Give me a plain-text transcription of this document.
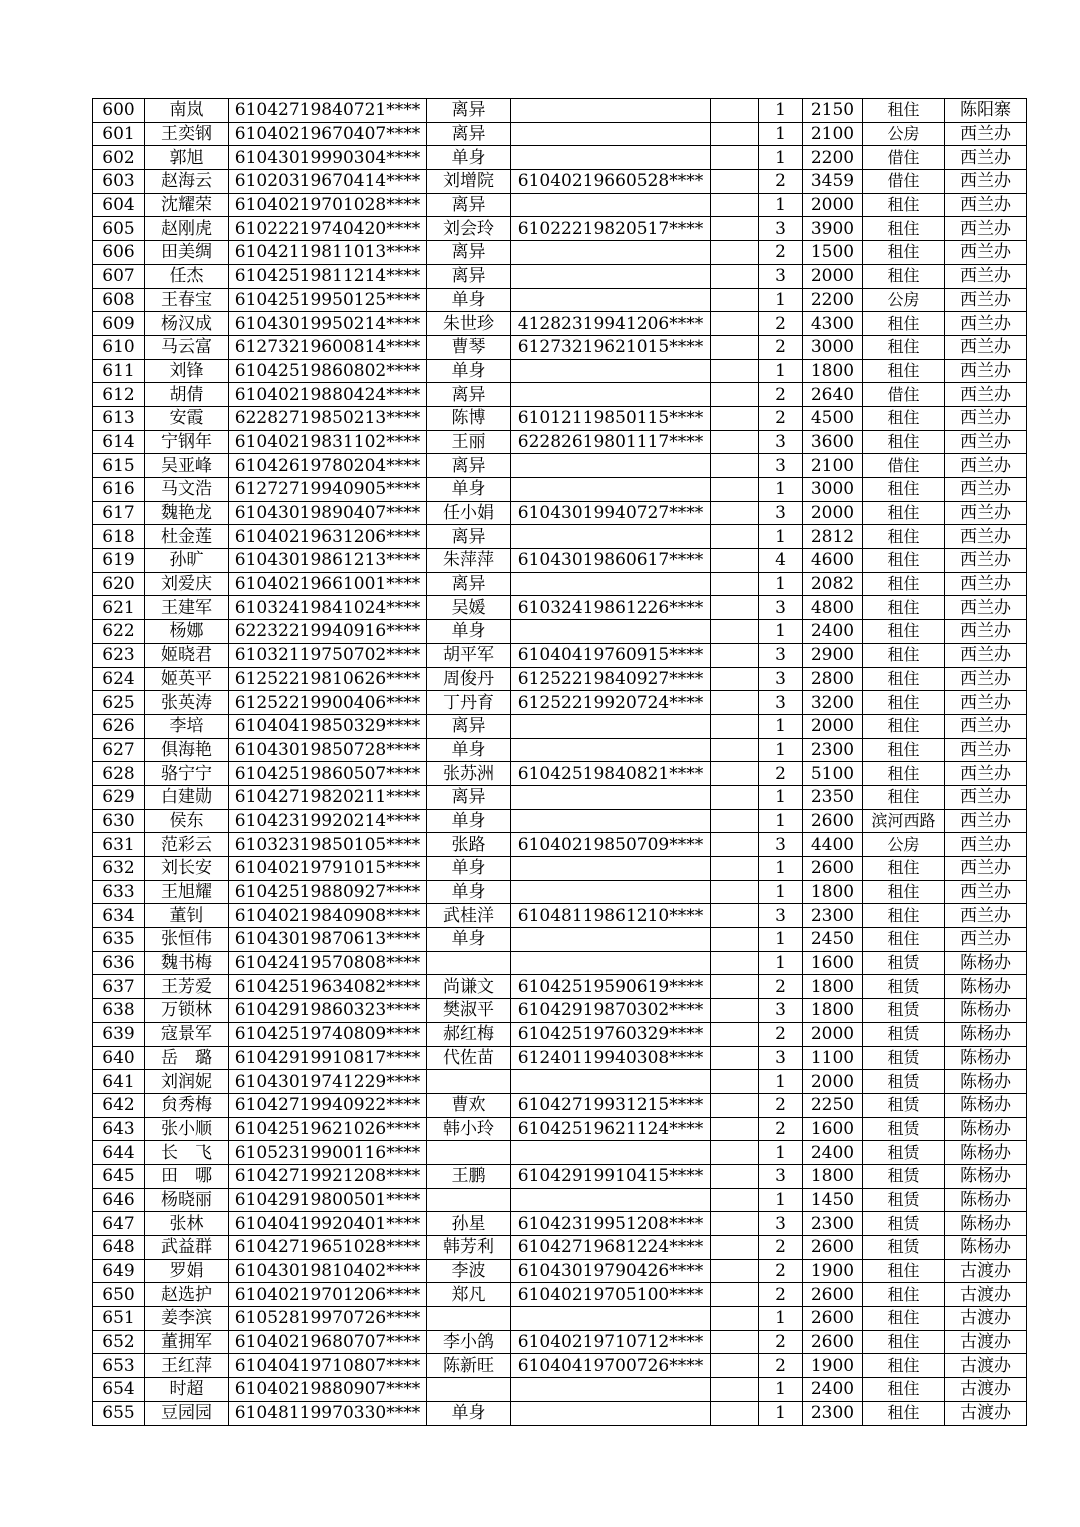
600	南岚	61042719840721****	离异			1	2150	租住	陈阳寨
601	王奕钢	61040219670407****	离异			1	2100	公房	西兰办
602	郭旭	61043019990304****	单身			1	2200	借住	西兰办
603	赵海云	61020319670414****	刘增院	61040219660528****		2	3459	借住	西兰办
604	沈耀荣	61040219701028****	离异			1	2000	租住	西兰办
605	赵刚虎	61022219740420****	刘会玲	61022219820517****		3	3900	租住	西兰办
606	田美绸	61042119811013****	离异			2	1500	租住	西兰办
607	任杰	61042519811214****	离异			3	2000	租住	西兰办
608	王春宝	61042519950125****	单身			1	2200	公房	西兰办
609	杨汉成	61043019950214****	朱世珍	41282319941206****		2	4300	租住	西兰办
610	马云富	61273219600814****	曹琴	61273219621015****		2	3000	租住	西兰办
611	刘锋	61042519860802****	单身			1	1800	租住	西兰办
612	胡倩	61040219880424****	离异			2	2640	借住	西兰办
613	安霞	62282719850213****	陈博	61012119850115****		2	4500	租住	西兰办
614	宁钢年	61040219831102****	王丽	62282619801117****		3	3600	租住	西兰办
615	吴亚峰	61042619780204****	离异			3	2100	借住	西兰办
616	马文浩	61272719940905****	单身			1	3000	租住	西兰办
617	魏艳龙	61043019890407****	任小娟	61043019940727****		3	2000	租住	西兰办
618	杜金莲	61040219631206****	离异			1	2812	租住	西兰办
619	孙旷	61043019861213****	朱萍萍	61043019860617****		4	4600	租住	西兰办
620	刘爱庆	61040219661001****	离异			1	2082	租住	西兰办
621	王建军	61032419841024****	吴媛	61032419861226****		3	4800	租住	西兰办
622	杨娜	62232219940916****	单身			1	2400	租住	西兰办
623	姬晓君	61032119750702****	胡平军	61040419760915****		3	2900	租住	西兰办
624	姬英平	61252219810626****	周俊丹	61252219840927****		3	2800	租住	西兰办
625	张英涛	61252219900406****	丁丹育	61252219920724****		3	3200	租住	西兰办
626	李培	61040419850329****	离异			1	2000	租住	西兰办
627	俱海艳	61043019850728****	单身			1	2300	租住	西兰办
628	骆宁宁	61042519860507****	张苏洲	61042519840821****		2	5100	租住	西兰办
629	白建勋	61042719820211****	离异			1	2350	租住	西兰办
630	侯东	61042319920214****	单身			1	2600	滨河西路	西兰办
631	范彩云	61032319850105****	张路	61040219850709****		3	4400	公房	西兰办
632	刘长安	61040219791015****	单身			1	2600	租住	西兰办
633	王旭耀	61042519880927****	单身			1	1800	租住	西兰办
634	董钊	61040219840908****	武桂洋	61048119861210****		3	2300	租住	西兰办
635	张恒伟	61043019870613****	单身			1	2450	租住	西兰办
636	魏书梅	61042419570808****				1	1600	租赁	陈杨办
637	王芳爱	61042519634082****	尚谦文	61042519590619****		2	1800	租赁	陈杨办
638	万锁林	61042919860323****	樊淑平	61042919870302****		3	1800	租赁	陈杨办
639	寇景军	61042519740809****	郝红梅	61042519760329****		2	2000	租赁	陈杨办
640	岳　璐	61042919910817****	代佐苗	61240119940308****		3	1100	租赁	陈杨办
641	刘润妮	61043019741229****				1	2000	租赁	陈杨办
642	贠秀梅	61042719940922****	曹欢	61042719931215****		2	2250	租赁	陈杨办
643	张小顺	61042519621026****	韩小玲	61042519621124****		2	1600	租赁	陈杨办
644	长　飞	61052319900116****				1	2400	租赁	陈杨办
645	田　哪	61042719921208****	王鹏	61042919910415****		3	1800	租赁	陈杨办
646	杨晓丽	61042919800501****				1	1450	租赁	陈杨办
647	张林	61040419920401****	孙星	61042319951208****		3	2300	租赁	陈杨办
648	武益群	61042719651028****	韩芳利	61042719681224****		2	2600	租赁	陈杨办
649	罗娟	61043019810402****	李波	61043019790426****		2	1900	租住	古渡办
650	赵选护	61040219701206****	郑凡	61040219705100****		2	2600	租住	古渡办
651	姜李滨	61052819970726****				1	2600	租住	古渡办
652	董拥军	61040219680707****	李小鸽	61040219710712****		2	2600	租住	古渡办
653	王红萍	61040419710807****	陈新旺	61040419700726****		2	1900	租住	古渡办
654	时超	61040219880907****				1	2400	租住	古渡办
655	豆园园	61048119970330****	单身			1	2300	租住	古渡办
